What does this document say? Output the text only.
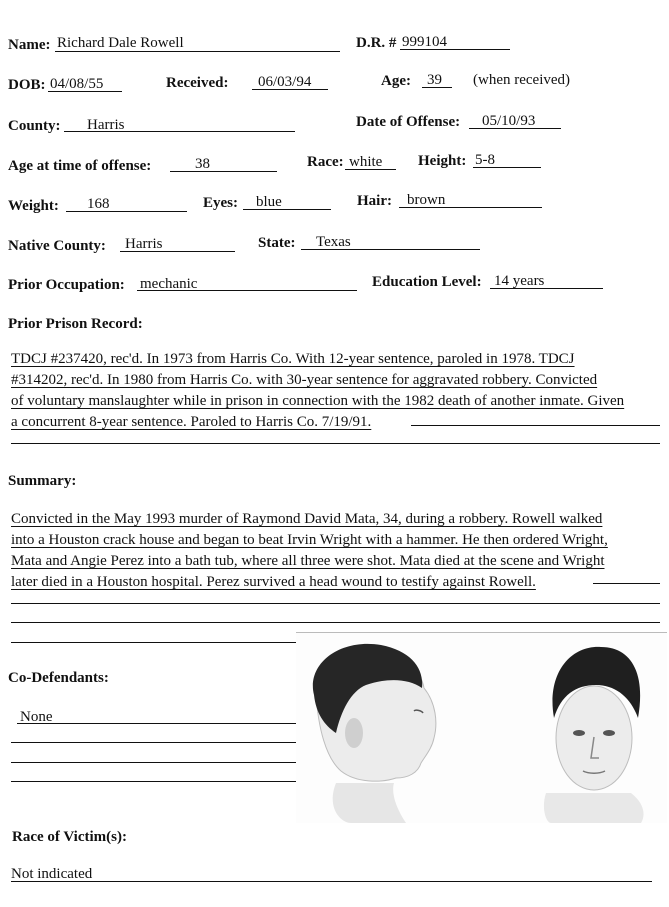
Name: Richard Dale Rowell	D.R. # 999104
DOB: 04/08/55	Received: 06/03/94	Age: 39 (when received)
County: Harris	Date of Offense: 05/10/93
Age at time of offense:	38	Race: white Height: 5-8
Weight: 168	Eyes: blue	Hair: brown
Native County: Harris	State: Texas
Prior Occupation: mechanic	Education Level: 14 years
Prior Prison Record:
TDCJ #237420, rec'd. In 1973 from Harris Co. With 12-year sentence, paroled in 1978. TDCJ
#314202, rec'd. In 1980 from Harris Co. with 30-year sentence for aggravated robbery. Convicted
of voluntary manslaughter while in prison in connection with the 1982 death of another inmate. Given
a concurrent 8-year sentence. Paroled to Harris Co. 7/19/91.
Summary:
Convicted in the May 1993 murder of Raymond David Mata, 34, during a robbery. Rowell walked
into a Houston crack house and began to beat Irvin Wright with a hammer. He then ordered Wright,
Mata and Angie Perez into a bath tub, where all three were shot. Mata died at the scene and Wright
later died in a Houston hospital. Perez survived a head wound to testify against Rowell.
Co-Defendants:
None
Race of Victim(s):
Not indicated
